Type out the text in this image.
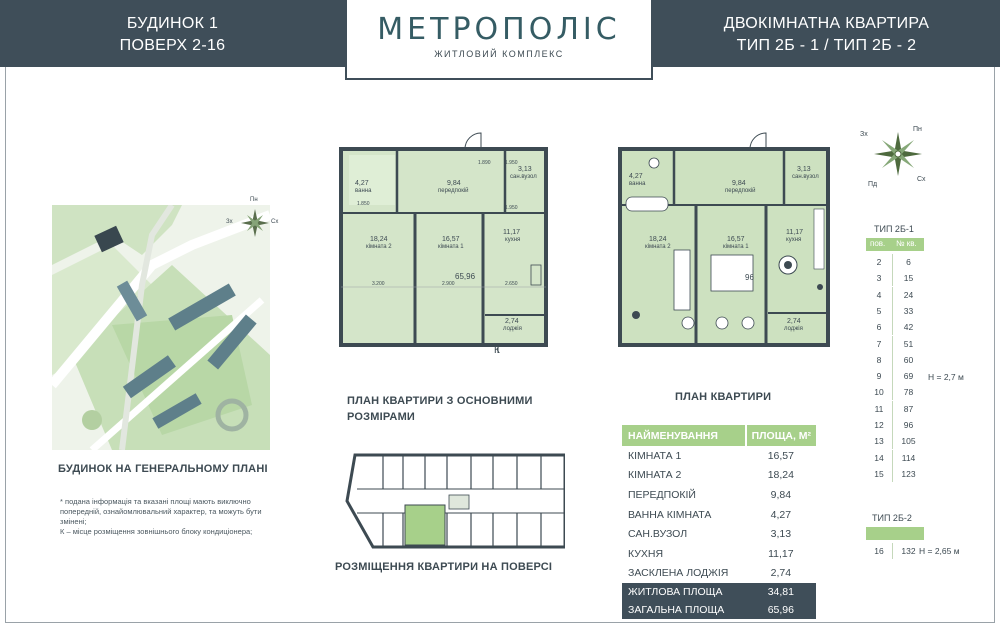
БУДИНОК 1
ПОВЕРХ 2-16	МЕТРОПОЛІС
ЖИТЛОВИЙ КОМПЛЕКС
ДВОКІМНАТНА КВАРТИРА
ТИП 2Б - 1 / ТИП 2Б - 2
Пн
Сх
Зх
БУДИНОК НА ГЕНЕРАЛЬНОМУ ПЛАНІ
* подана інформація та вказані площі мають виключно попередній, ознайомлювальний характер, та можуть бути змінені;
К – місце розміщення зовнішнього блоку кондиціонера;
4,27
ванна
9,84
передпокій
3,13
сан.вузол
18,24
кімната 2
16,57
кімната 1
11,17
кухня
65,96
2,74
лоджія
1.890	1.950
1.850
3.200	2.900	2.650
1.950
К
ПЛАН КВАРТИРИ З ОСНОВНИМИ
РОЗМІРАМИ
4,27
ванна	9,84
передпокій
3,13
сан.вузол
18,24
кімната 2
16,57
кімната 1
11,17
кухня
96
2,74
лоджія
ПЛАН КВАРТИРИ
РОЗМІЩЕННЯ КВАРТИРИ НА ПОВЕРСІ
НАЙМЕНУВАННЯ	ПЛОЩА, М²
КІМНАТА 1	16,57
КІМНАТА 2	18,24
ПЕРЕДПОКІЙ	9,84
ВАННА КІМНАТА	4,27
САН.ВУЗОЛ	3,13
КУХНЯ	11,17
ЗАСКЛЕНА ЛОДЖІЯ	2,74
ЖИТЛОВА ПЛОЩА	34,81
ЗАГАЛЬНА ПЛОЩА	65,96
Пн
Зх
Сх
Пд
ТИП 2Б-1
пов. № кв.
2	6
3	15
4	24
5	33
6	42
7	51
8	60
9	69
10	78
11	87
12	96
13	105
14	114
15	123
Н = 2,7 м
ТИП 2Б-2
16	132 Н = 2,65 м
